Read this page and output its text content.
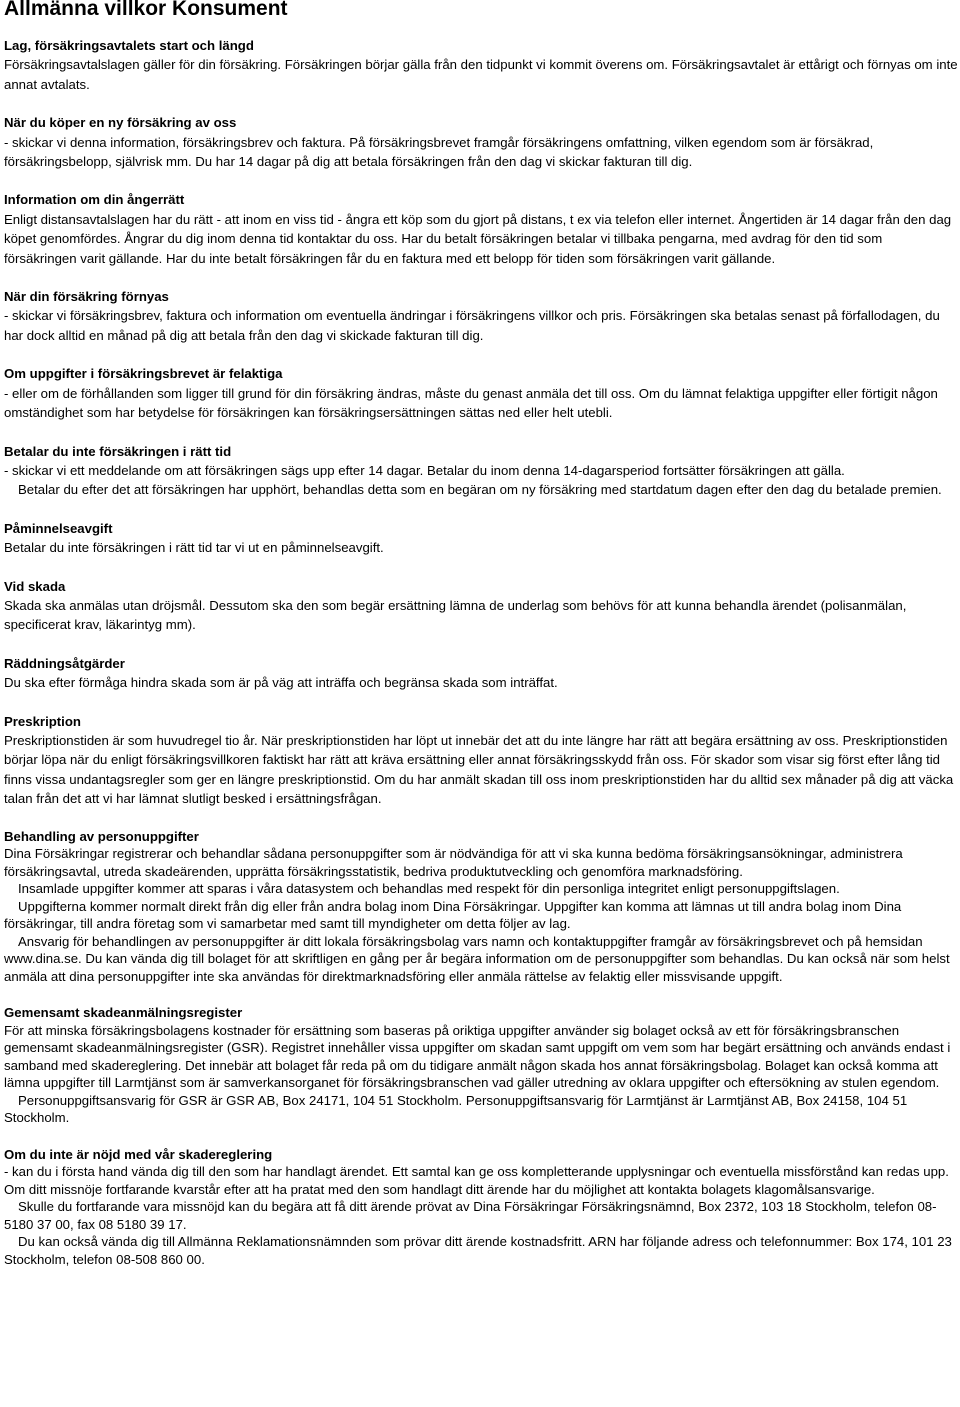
Allmänna villkor Konsument
Lag, försäkringsavtalets start och längd

Försäkringsavtalslagen gäller för din försäkring. Försäkringen börjar gälla från den tidpunkt vi kommit överens om. Försäkringsavtalet är ettårigt och förnyas om inte annat avtalats.

När du köper en ny försäkring av oss

- skickar vi denna information, försäkringsbrev och faktura. På försäkringsbrevet framgår försäkringens omfattning, vilken egendom som är försäkrad, försäkringsbelopp, självrisk mm. Du har 14 dagar på dig att betala försäkringen från den dag vi skickar fakturan till dig.

Information om din ångerrätt

Enligt distansavtalslagen har du rätt - att inom en viss tid - ångra ett köp som du gjort på distans, t ex via telefon eller internet. Ångertiden är 14 dagar från den dag köpet genomfördes. Ångrar du dig inom denna tid kontaktar du oss. Har du betalt försäkringen betalar vi tillbaka pengarna, med avdrag för den tid som försäkringen varit gällande. Har du inte betalt försäkringen får du en faktura med ett belopp för tiden som försäkringen varit gällande.

När din försäkring förnyas

- skickar vi försäkringsbrev, faktura och information om eventuella ändringar i försäkringens villkor och pris. Försäkringen ska betalas senast på förfallodagen, du har dock alltid en månad på dig att betala från den dag vi skickade fakturan till dig.

Om uppgifter i försäkringsbrevet är felaktiga

- eller om de förhållanden som ligger till grund för din försäkring ändras, måste du genast anmäla det till oss. Om du lämnat felaktiga uppgifter eller förtigit någon omständighet som har betydelse för försäkringen kan försäkringsersättningen sättas ned eller helt utebli.

Betalar du inte försäkringen i rätt tid

- skickar vi ett meddelande om att försäkringen sägs upp efter 14 dagar. Betalar du inom denna 14-dagarsperiod fortsätter försäkringen att gälla.

Betalar du efter det att försäkringen har upphört, behandlas detta som en begäran om ny försäkring med startdatum dagen efter den dag du betalade premien.

Påminnelseavgift

Betalar du inte försäkringen i rätt tid tar vi ut en påminnelseavgift.

Vid skada

Skada ska anmälas utan dröjsmål. Dessutom ska den som begär ersättning lämna de underlag som behövs för att kunna behandla ärendet (polisanmälan, specificerat krav, läkarintyg mm).

Räddningsåtgärder

Du ska efter förmåga hindra skada som är på väg att inträffa och begränsa skada som inträffat.

Preskription

Preskriptionstiden är som huvudregel tio år. När preskriptionstiden har löpt ut innebär det att du inte längre har rätt att begära ersättning av oss. Preskriptionstiden börjar löpa när du enligt försäkringsvillkoren faktiskt har rätt att kräva ersättning eller annat försäkringsskydd från oss. För skador som visar sig först efter lång tid finns vissa undantagsregler som ger en längre preskriptionstid. Om du har anmält skadan till oss inom preskriptionstiden har du alltid sex månader på dig att väcka talan från det att vi har lämnat slutligt besked i ersättningsfrågan.

Behandling av personuppgifter

Dina Försäkringar registrerar och behandlar sådana personuppgifter som är nödvändiga för att vi ska kunna bedöma försäkringsansökningar, administrera försäkringsavtal, utreda skadeärenden, upprätta försäkringsstatistik, bedriva produktutveckling och genomföra marknadsföring.

Insamlade uppgifter kommer att sparas i våra datasystem och behandlas med respekt för din personliga integritet enligt personuppgiftslagen.

Uppgifterna kommer normalt direkt från dig eller från andra bolag inom Dina Försäkringar. Uppgifter kan komma att lämnas ut till andra bolag inom Dina försäkringar, till andra företag som vi samarbetar med samt till myndigheter om detta följer av lag.

Ansvarig för behandlingen av personuppgifter är ditt lokala försäkringsbolag vars namn och kontaktuppgifter framgår av försäkringsbrevet och på hemsidan www.dina.se. Du kan vända dig till bolaget för att skriftligen en gång per år begära information om de personuppgifter som behandlas. Du kan också när som helst anmäla att dina personuppgifter inte ska användas för direktmarknadsföring eller anmäla rättelse av felaktig eller missvisande uppgift.

Gemensamt skadeanmälningsregister

För att minska försäkringsbolagens kostnader för ersättning som baseras på oriktiga uppgifter använder sig bolaget också av ett för försäkringsbranschen gemensamt skadeanmälningsregister (GSR). Registret innehåller vissa uppgifter om skadan samt uppgift om vem som har begärt ersättning och används endast i samband med skadereglering. Det innebär att bolaget får reda på om du tidigare anmält någon skada hos annat försäkringsbolag. Bolaget kan också komma att lämna uppgifter till Larmtjänst som är samverkansorganet för försäkringsbranschen vad gäller utredning av oklara uppgifter och eftersökning av stulen egendom.

Personuppgiftsansvarig för GSR är GSR AB, Box 24171, 104 51 Stockholm. Personuppgiftsansvarig för Larmtjänst är Larmtjänst AB, Box 24158, 104 51 Stockholm.

Om du inte är nöjd med vår skadereglering

- kan du i första hand vända dig till den som har handlagt ärendet. Ett samtal kan ge oss kompletterande upplysningar och eventuella missförstånd kan redas upp. Om ditt missnöje fortfarande kvarstår efter att ha pratat med den som handlagt ditt ärende har du möjlighet att kontakta bolagets klagomålsansvarige.

Skulle du fortfarande vara missnöjd kan du begära att få ditt ärende prövat av Dina Försäkringar Försäkringsnämnd, Box 2372, 103 18 Stockholm, telefon 08-5180 37 00, fax 08 5180 39 17.

Du kan också vända dig till Allmänna Reklamationsnämnden som prövar ditt ärende kostnadsfritt. ARN har följande adress och telefonnummer: Box 174, 101 23 Stockholm, telefon 08-508 860 00.
